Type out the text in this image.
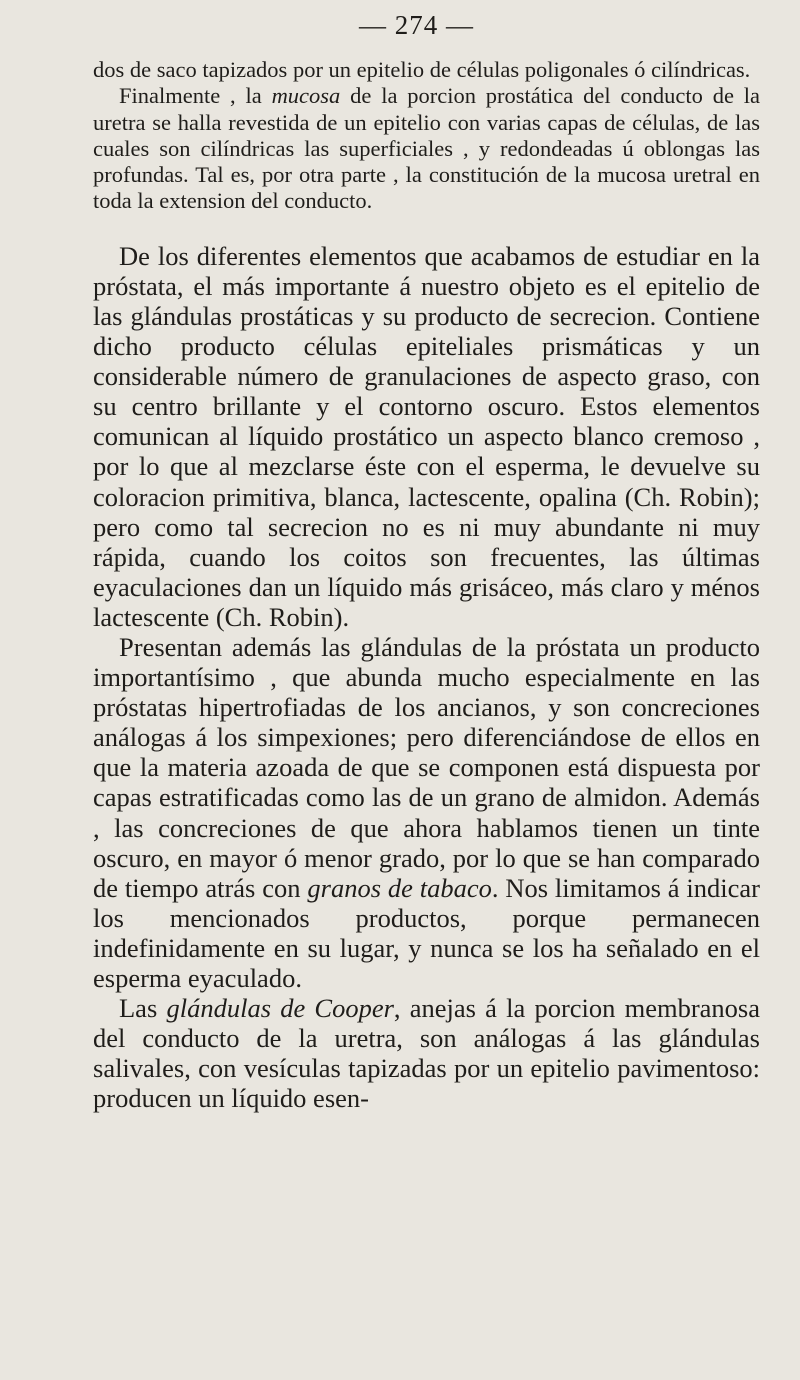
— 274 —

dos de saco tapizados por un epitelio de células poligonales ó cilíndricas.

Finalmente , la mucosa de la porcion prostática del conducto de la uretra se halla revestida de un epitelio con varias capas de células, de las cuales son cilíndricas las superficiales , y redondeadas ú oblongas las profundas. Tal es, por otra parte , la constitución de la mucosa uretral en toda la extension del conducto.

De los diferentes elementos que acabamos de estudiar en la próstata, el más importante á nuestro objeto es el epitelio de las glándulas prostáticas y su producto de secrecion. Contiene dicho producto células epiteliales prismáticas y un considerable número de granulaciones de aspecto graso, con su centro brillante y el contorno oscuro. Estos elementos comunican al líquido prostático un aspecto blanco cremoso , por lo que al mezclarse éste con el esperma, le devuelve su coloracion primitiva, blanca, lactescente, opalina (Ch. Robin); pero como tal secrecion no es ni muy abundante ni muy rápida, cuando los coitos son frecuentes, las últimas eyaculaciones dan un líquido más grisáceo, más claro y ménos lactescente (Ch. Robin).

Presentan además las glándulas de la próstata un producto importantísimo , que abunda mucho especialmente en las próstatas hipertrofiadas de los ancianos, y son concreciones análogas á los simpexiones; pero diferenciándose de ellos en que la materia azoada de que se componen está dispuesta por capas estratificadas como las de un grano de almidon. Además , las concreciones de que ahora hablamos tienen un tinte oscuro, en mayor ó menor grado, por lo que se han comparado de tiempo atrás con granos de tabaco. Nos limitamos á indicar los mencionados productos, porque permanecen indefinidamente en su lugar, y nunca se los ha señalado en el esperma eyaculado.

Las glándulas de Cooper, anejas á la porcion membranosa del conducto de la uretra, son análogas á las glándulas salivales, con vesículas tapizadas por un epitelio pavimentoso: producen un líquido esen-
